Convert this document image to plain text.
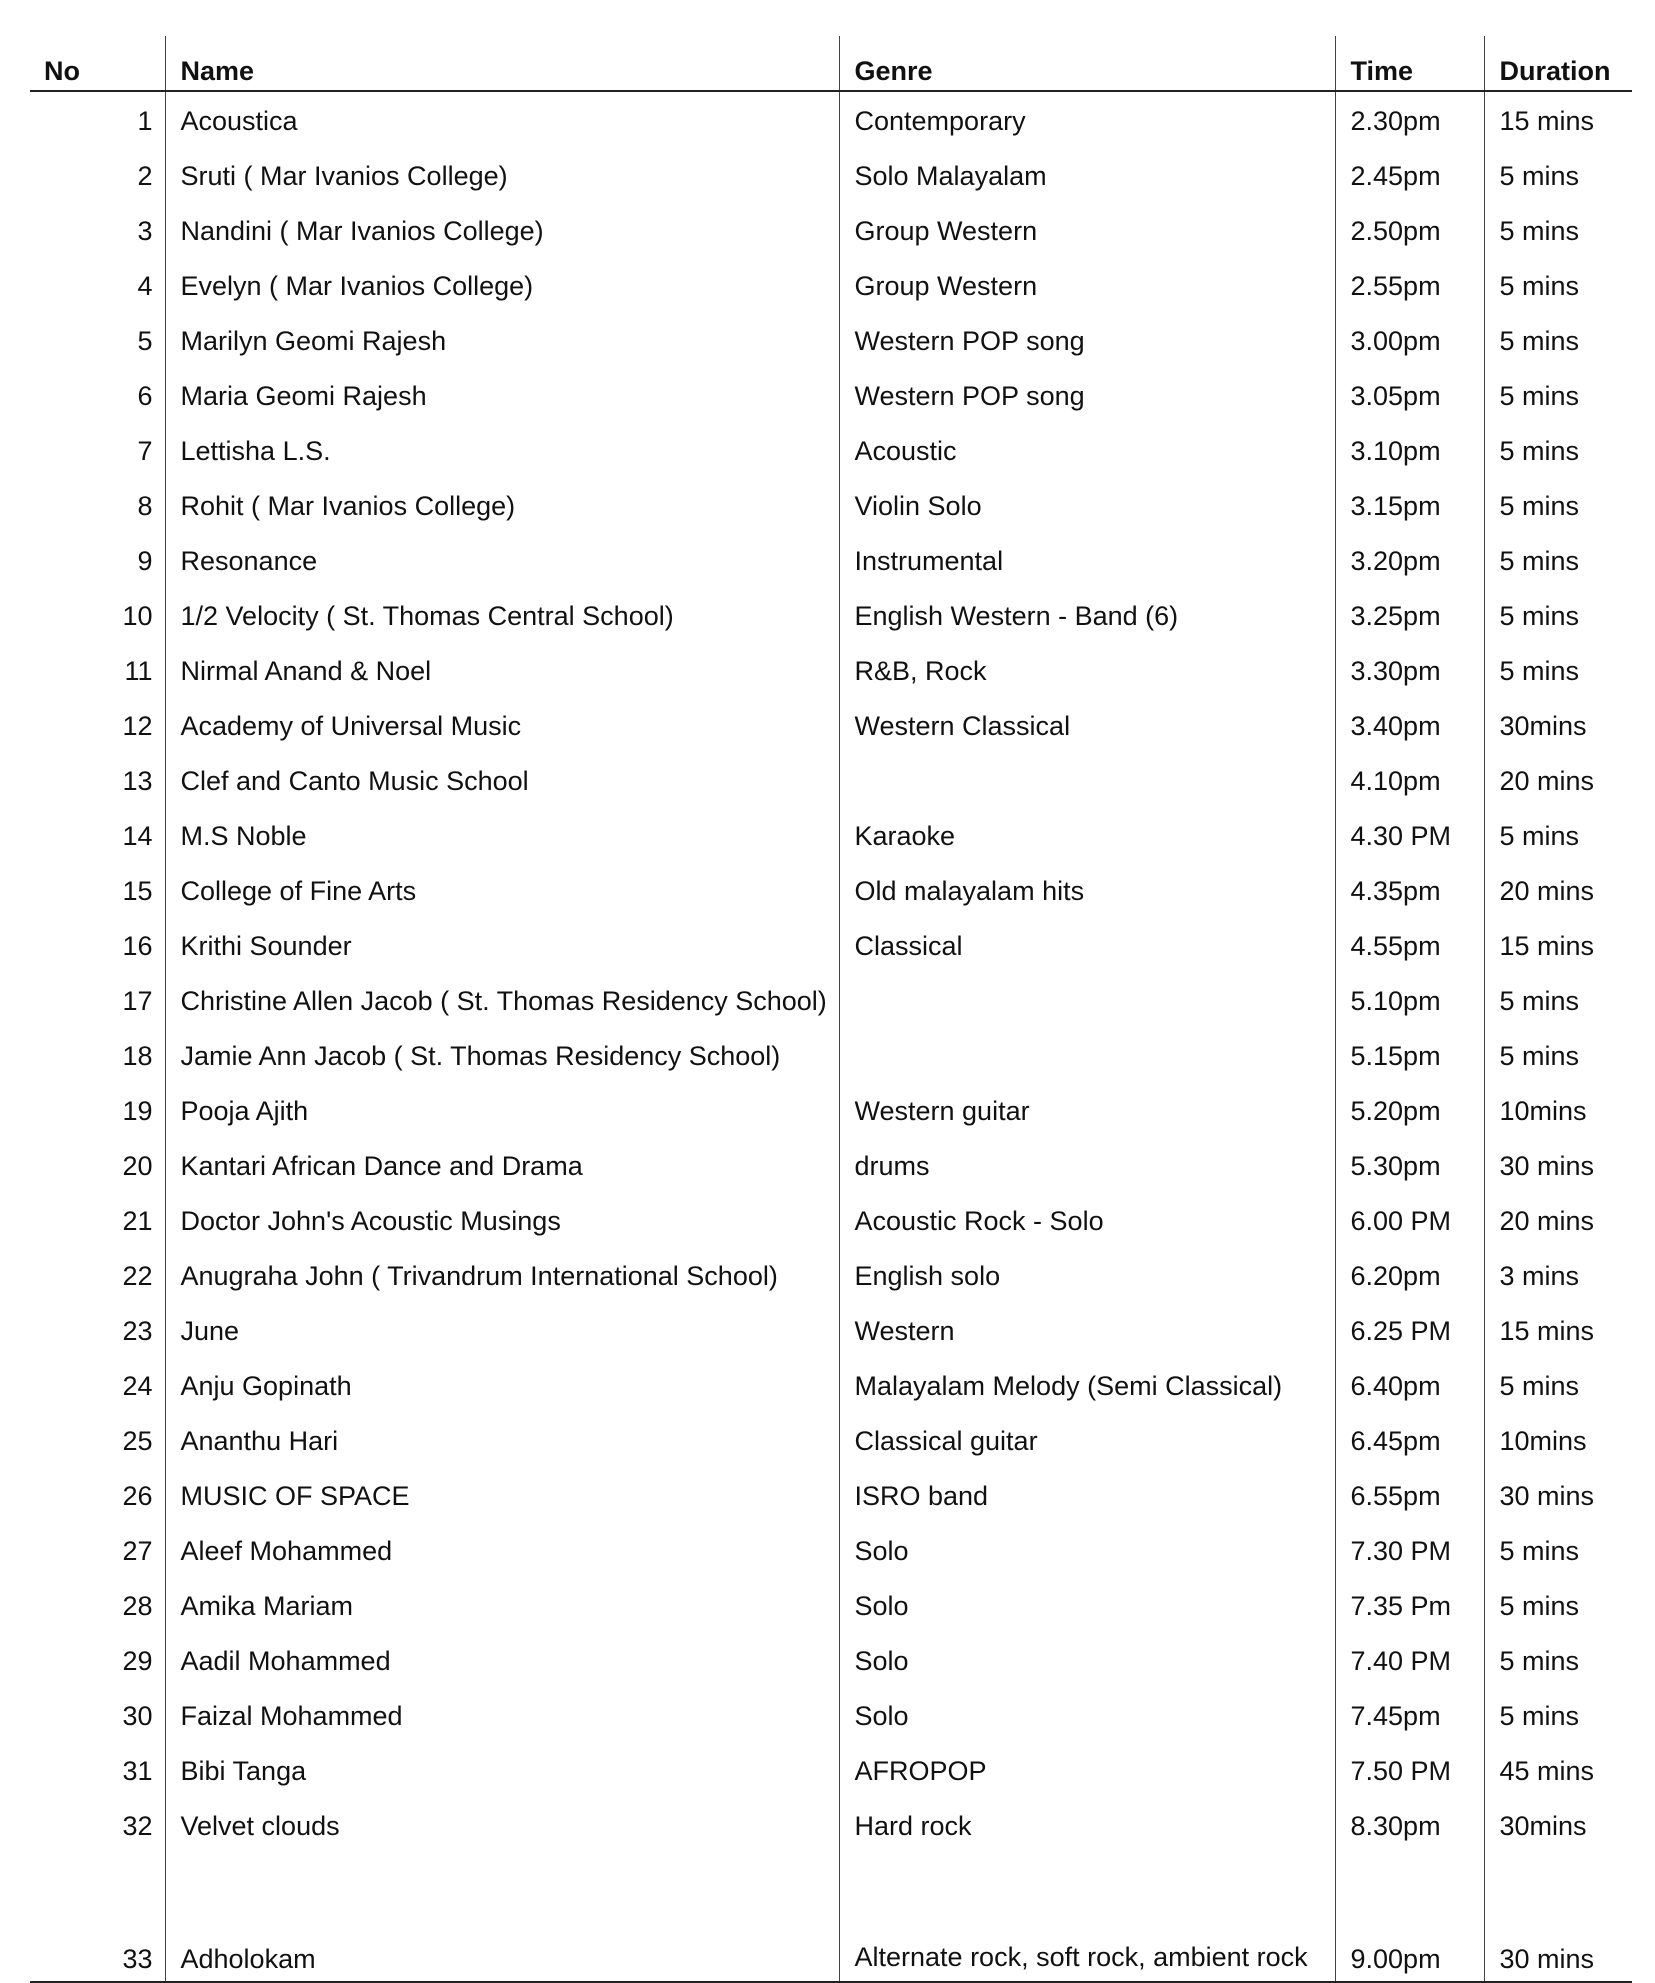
No	Name	Genre	Time	Duration
1	Acoustica	Contemporary	2.30pm	15 mins
2	Sruti ( Mar Ivanios College)	Solo Malayalam	2.45pm	5 mins
3	Nandini ( Mar Ivanios College)	Group Western	2.50pm	5 mins
4	Evelyn ( Mar Ivanios College)	Group Western	2.55pm	5 mins
5	Marilyn Geomi Rajesh	Western POP song	3.00pm	5 mins
6	Maria Geomi Rajesh	Western POP song	3.05pm	5 mins
7	Lettisha L.S.	Acoustic	3.10pm	5 mins
8	Rohit ( Mar Ivanios College)	Violin Solo	3.15pm	5 mins
9	Resonance	Instrumental	3.20pm	5 mins
10	1/2 Velocity ( St. Thomas Central School)	English Western - Band (6)	3.25pm	5 mins
11	Nirmal Anand & Noel	R&B, Rock	3.30pm	5 mins
12	Academy of Universal Music	Western Classical	3.40pm	30mins
13	Clef and Canto Music School		4.10pm	20 mins
14	M.S Noble	Karaoke	4.30 PM	5 mins
15	College of Fine Arts	Old malayalam hits	4.35pm	20 mins
16	Krithi Sounder	Classical	4.55pm	15 mins
17	Christine Allen Jacob ( St. Thomas Residency School)		5.10pm	5 mins
18	Jamie Ann Jacob ( St. Thomas Residency School)		5.15pm	5 mins
19	Pooja Ajith	Western guitar	5.20pm	10mins
20	Kantari African Dance and Drama	drums	5.30pm	30 mins
21	Doctor John's Acoustic Musings	Acoustic Rock - Solo	6.00 PM	20 mins
22	Anugraha John ( Trivandrum International School)	English solo	6.20pm	3 mins
23	June	Western	6.25 PM	15 mins
24	Anju Gopinath	Malayalam Melody (Semi Classical)	6.40pm	5 mins
25	Ananthu Hari	Classical guitar	6.45pm	10mins
26	MUSIC OF SPACE	ISRO band	6.55pm	30 mins
27	Aleef Mohammed	Solo	7.30 PM	5 mins
28	Amika Mariam	Solo	7.35 Pm	5 mins
29	Aadil Mohammed	Solo	7.40 PM	5 mins
30	Faizal Mohammed	Solo	7.45pm	5 mins
31	Bibi Tanga	AFROPOP	7.50 PM	45 mins
32	Velvet clouds	Hard rock	8.30pm	30mins
33	Adholokam	Alternate rock, soft rock, ambient rock	9.00pm	30 mins
